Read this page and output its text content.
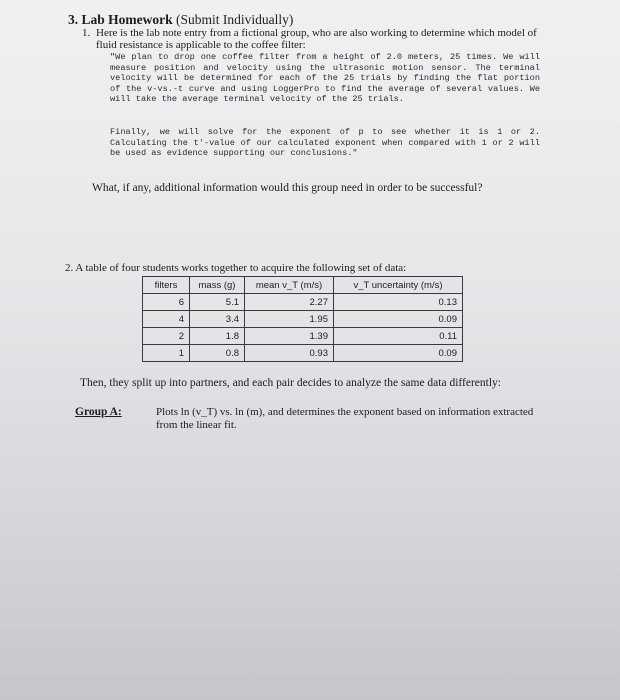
3. Lab Homework (Submit Individually)
1. Here is the lab note entry from a fictional group, who are also working to determine which model of fluid resistance is applicable to the coffee filter:
"We plan to drop one coffee filter from a height of 2.0 meters, 25 times. We will measure position and velocity using the ultrasonic motion sensor. The terminal velocity will be determined for each of the 25 trials by finding the flat portion of the v-vs.-t curve and using LoggerPro to find the average of several values. We will take the average terminal velocity of the 25 trials.
Finally, we will solve for the exponent of p to see whether it is 1 or 2. Calculating the t'-value of our calculated exponent when compared with 1 or 2 will be used as evidence supporting our conclusions."
What, if any, additional information would this group need in order to be successful?
2. A table of four students works together to acquire the following set of data:
filters	mass (g)	mean v_T (m/s)	v_T uncertainty (m/s)
6	5.1	2.27	0.13
4	3.4	1.95	0.09
2	1.8	1.39	0.11
1	0.8	0.93	0.09
Then, they split up into partners, and each pair decides to analyze the same data differently:
Group A:	Plots ln (v_T) vs. ln (m), and determines the exponent based on information extracted from the linear fit.
